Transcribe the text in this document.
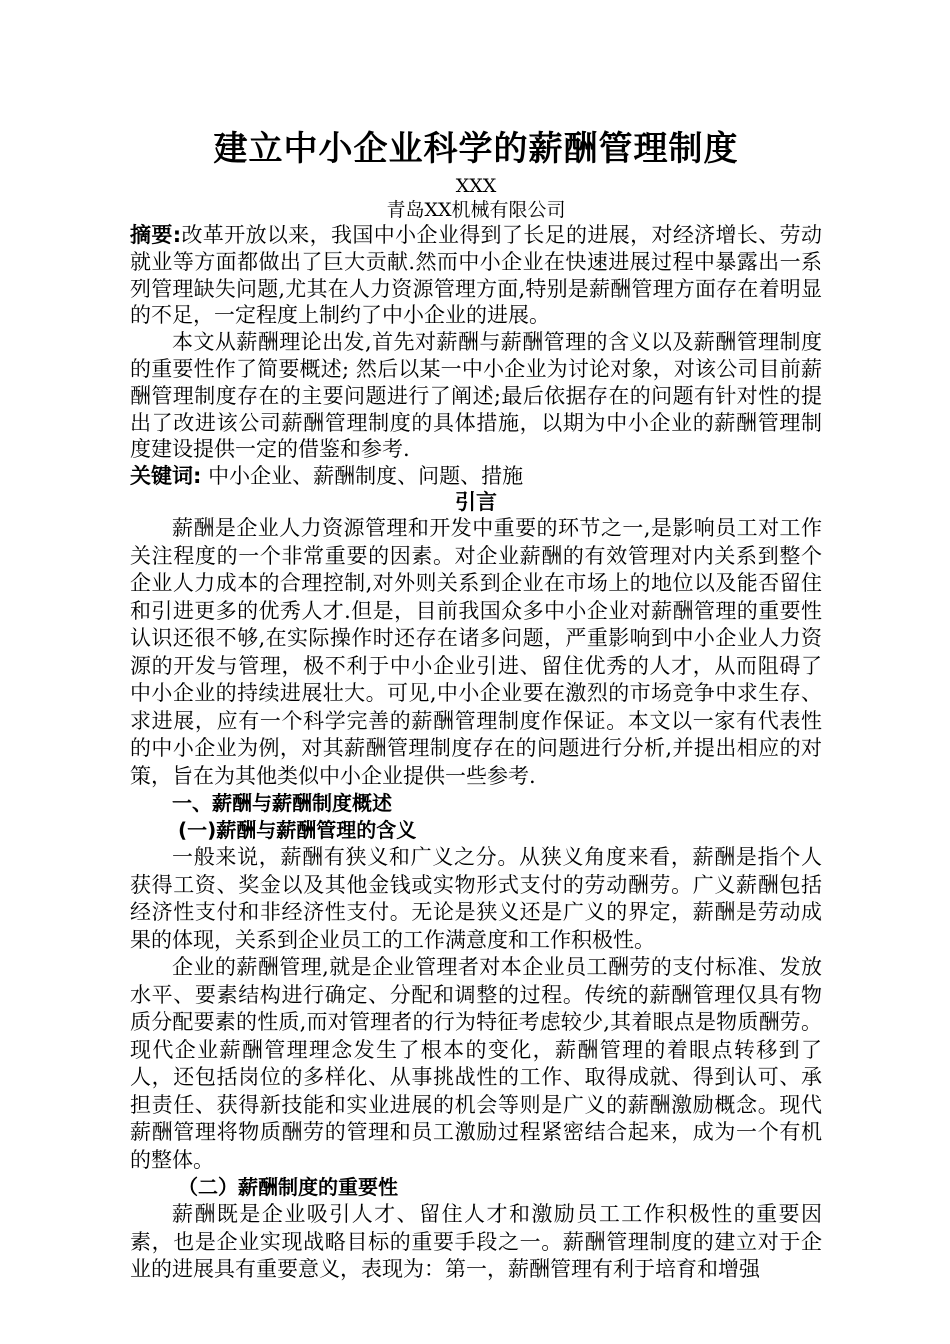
建立中小企业科学的薪酬管理制度
XXX
青岛XX机械有限公司

摘要:改革开放以来，我国中小企业得到了长足的进展，对经济增长、劳动就业等方面都做出了巨大贡献.然而中小企业在快速进展过程中暴露出一系列管理缺失问题,尤其在人力资源管理方面,特别是薪酬管理方面存在着明显的不足，一定程度上制约了中小企业的进展。

本文从薪酬理论出发,首先对薪酬与薪酬管理的含义以及薪酬管理制度的重要性作了简要概述; 然后以某一中小企业为讨论对象，对该公司目前薪酬管理制度存在的主要问题进行了阐述;最后依据存在的问题有针对性的提出了改进该公司薪酬管理制度的具体措施，以期为中小企业的薪酬管理制度建设提供一定的借鉴和参考.

关键词: 中小企业、薪酬制度、问题、措施

引言

薪酬是企业人力资源管理和开发中重要的环节之一,是影响员工对工作关注程度的一个非常重要的因素。对企业薪酬的有效管理对内关系到整个企业人力成本的合理控制,对外则关系到企业在市场上的地位以及能否留住和引进更多的优秀人才.但是，目前我国众多中小企业对薪酬管理的重要性认识还很不够,在实际操作时还存在诸多问题，严重影响到中小企业人力资源的开发与管理，极不利于中小企业引进、留住优秀的人才，从而阻碍了中小企业的持续进展壮大。可见,中小企业要在激烈的市场竞争中求生存、求进展，应有一个科学完善的薪酬管理制度作保证。本文以一家有代表性的中小企业为例，对其薪酬管理制度存在的问题进行分析,并提出相应的对策，旨在为其他类似中小企业提供一些参考.

一、薪酬与薪酬制度概述
(一)薪酬与薪酬管理的含义

一般来说，薪酬有狭义和广义之分。从狭义角度来看，薪酬是指个人获得工资、奖金以及其他金钱或实物形式支付的劳动酬劳。广义薪酬包括经济性支付和非经济性支付。无论是狭义还是广义的界定，薪酬是劳动成果的体现，关系到企业员工的工作满意度和工作积极性。

企业的薪酬管理,就是企业管理者对本企业员工酬劳的支付标准、发放水平、要素结构进行确定、分配和调整的过程。传统的薪酬管理仅具有物质分配要素的性质,而对管理者的行为特征考虑较少,其着眼点是物质酬劳。现代企业薪酬管理理念发生了根本的变化，薪酬管理的着眼点转移到了人，还包括岗位的多样化、从事挑战性的工作、取得成就、得到认可、承担责任、获得新技能和实业进展的机会等则是广义的薪酬激励概念。现代薪酬管理将物质酬劳的管理和员工激励过程紧密结合起来，成为一个有机的整体。

（二）薪酬制度的重要性

薪酬既是企业吸引人才、留住人才和激励员工工作积极性的重要因素，也是企业实现战略目标的重要手段之一。薪酬管理制度的建立对于企业的进展具有重要意义，表现为：第一，薪酬管理有利于培育和增强
